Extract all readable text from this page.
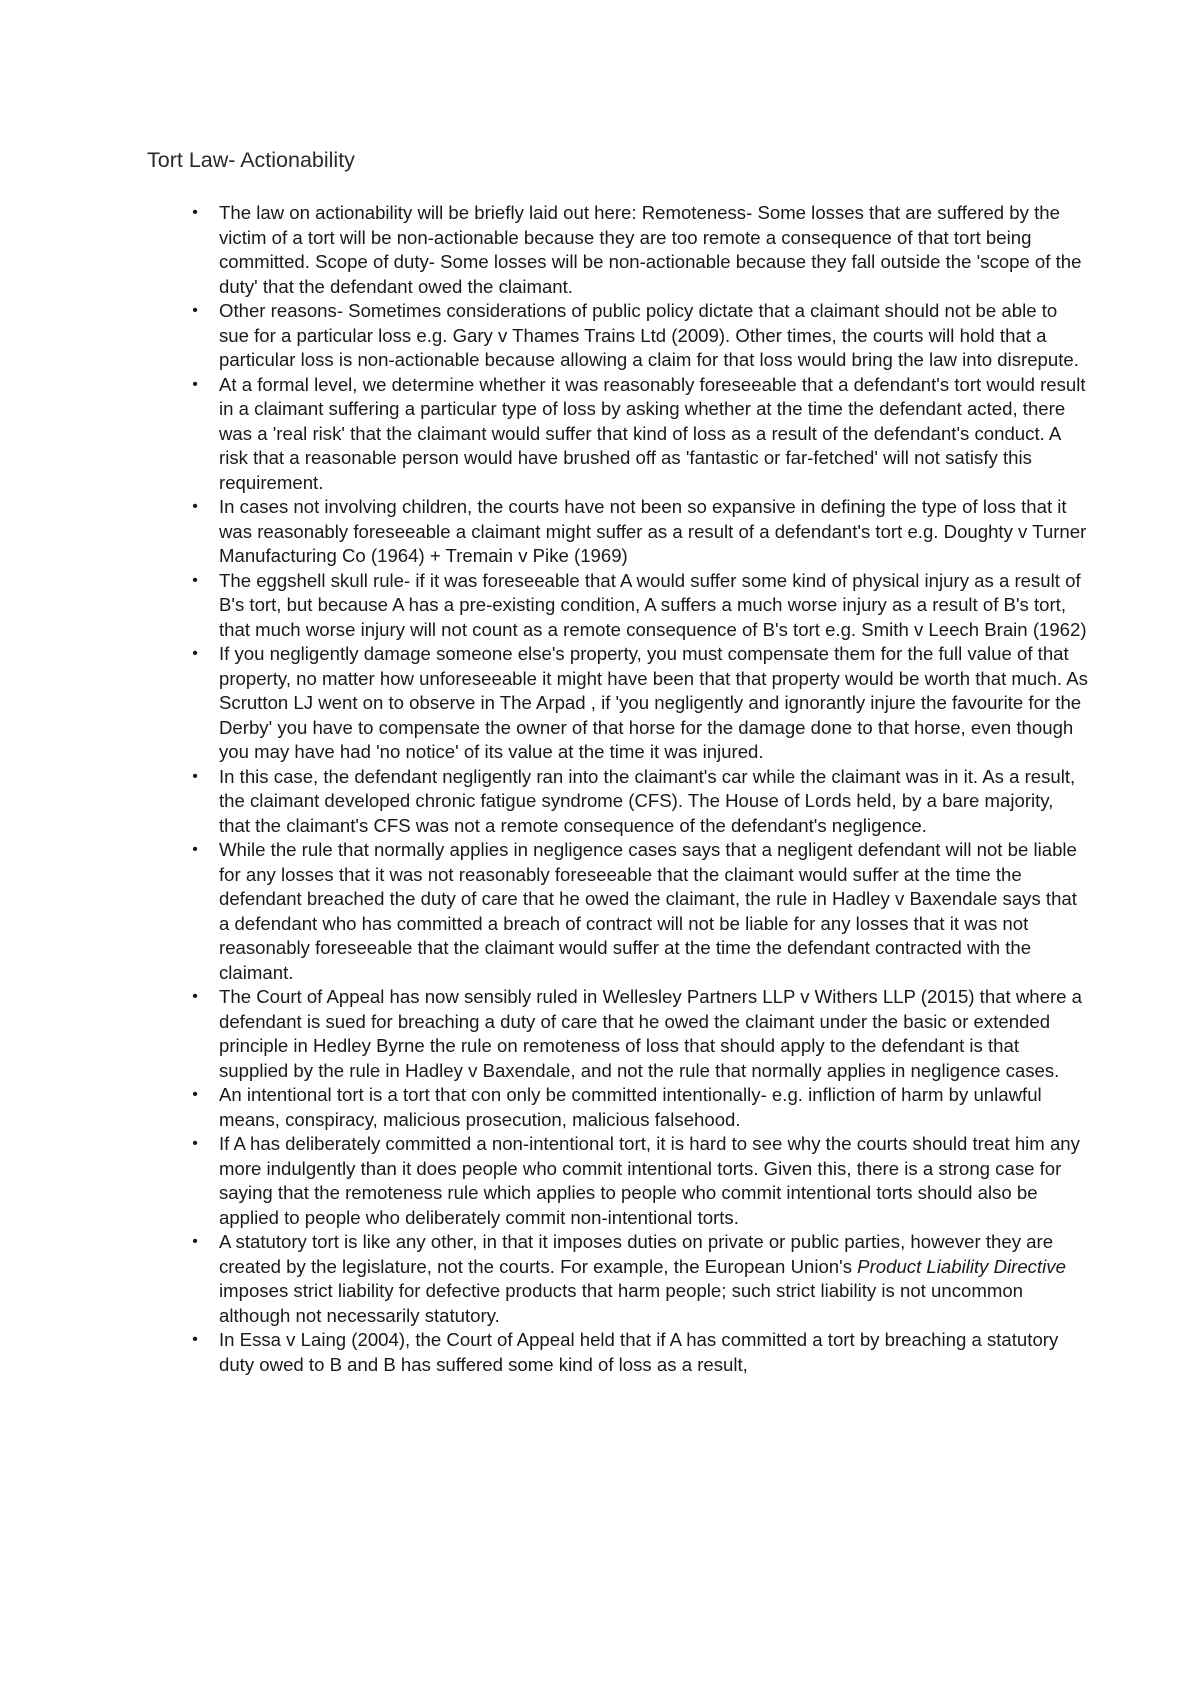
Tort Law- Actionability
•	The law on actionability will be briefly laid out here: Remoteness- Some losses that are suffered by the victim of a tort will be non-actionable because they are too remote a consequence of that tort being committed. Scope of duty- Some losses will be non-actionable because they fall outside the 'scope of the duty' that the defendant owed the claimant.
•	Other reasons- Sometimes considerations of public policy dictate that a claimant should not be able to sue for a particular loss e.g. Gary v Thames Trains Ltd (2009). Other times, the courts will hold that a particular loss is non-actionable because allowing a claim for that loss would bring the law into disrepute.
•	At a formal level, we determine whether it was reasonably foreseeable that a defendant's tort would result in a claimant suffering a particular type of loss by asking whether at the time the defendant acted, there was a 'real risk' that the claimant would suffer that kind of loss as a result of the defendant's conduct. A risk that a reasonable person would have brushed off as 'fantastic or far-fetched' will not satisfy this requirement.
•	In cases not involving children, the courts have not been so expansive in defining the type of loss that it was reasonably foreseeable a claimant might suffer as a result of a defendant's tort e.g. Doughty v Turner Manufacturing Co (1964) + Tremain v Pike (1969)
•	The eggshell skull rule- if it was foreseeable that A would suffer some kind of physical injury as a result of B's tort, but because A has a pre-existing condition, A suffers a much worse injury as a result of B's tort, that much worse injury will not count as a remote consequence of B's tort e.g. Smith v Leech Brain (1962)
•	If you negligently damage someone else's property, you must compensate them for the full value of that property, no matter how unforeseeable it might have been that that property would be worth that much. As Scrutton LJ went on to observe in The Arpad , if 'you negligently and ignorantly injure the favourite for the Derby' you have to compensate the owner of that horse for the damage done to that horse, even though you may have had 'no notice' of its value at the time it was injured.
•	In this case, the defendant negligently ran into the claimant's car while the claimant was in it. As a result, the claimant developed chronic fatigue syndrome (CFS). The House of Lords held, by a bare majority, that the claimant's CFS was not a remote consequence of the defendant's negligence.
•	While the rule that normally applies in negligence cases says that a negligent defendant will not be liable for any losses that it was not reasonably foreseeable that the claimant would suffer at the time the defendant breached the duty of care that he owed the claimant, the rule in Hadley v Baxendale says that a defendant who has committed a breach of contract will not be liable for any losses that it was not reasonably foreseeable that the claimant would suffer at the time the defendant contracted with the claimant.
•	The Court of Appeal has now sensibly ruled in Wellesley Partners LLP v Withers LLP (2015) that where a defendant is sued for breaching a duty of care that he owed the claimant under the basic or extended principle in Hedley Byrne the rule on remoteness of loss that should apply to the defendant is that supplied by the rule in Hadley v Baxendale, and not the rule that normally applies in negligence cases.
•	An intentional tort is a tort that con only be committed intentionally- e.g. infliction of harm by unlawful means, conspiracy, malicious prosecution, malicious falsehood.
•	If A has deliberately committed a non-intentional tort, it is hard to see why the courts should treat him any more indulgently than it does people who commit intentional torts. Given this, there is a strong case for saying that the remoteness rule which applies to people who commit intentional torts should also be applied to people who deliberately commit non-intentional torts.
•	A statutory tort is like any other, in that it imposes duties on private or public parties, however they are created by the legislature, not the courts. For example, the European Union's Product Liability Directive imposes strict liability for defective products that harm people; such strict liability is not uncommon although not necessarily statutory.
•	In Essa v Laing (2004), the Court of Appeal held that if A has committed a tort by breaching a statutory duty owed to B and B has suffered some kind of loss as a result,
